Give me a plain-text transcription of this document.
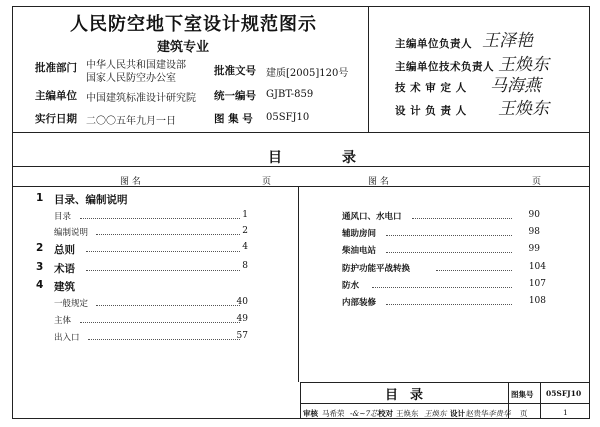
人民防空地下室设计规范图示
建筑专业
批准部门 中华人民共和国建设部
国家人民防空办公室
批准文号 建质[2005]120号
主编单位 中国建筑标准设计研究院 统一编号 GJBT-859
实行日期 二〇〇五年九月一日	图 集 号 05SFJ10
主编单位负责人 王泽艳
主编单位技术负责人 王焕东
技 术 审 定 人 马海燕
设 计 负 责 人 王焕东
目录
图 名	页	图 名	页
1 目录、编制说明
目录	1
编制说明	2
2 总则	4
3 术语	8
4 建筑
一般规定	40
主体	49
出入口	57
通风口、水电口	90
辅助房间	98
柴油电站	99
防护功能平战转换	104
防水	107
内部装修	108
目录	图集号 05SFJ10
页	1
审核 马希荣 -&~7芯 校对 王焕东 王焕东 设计 赵贵华 李贵华
